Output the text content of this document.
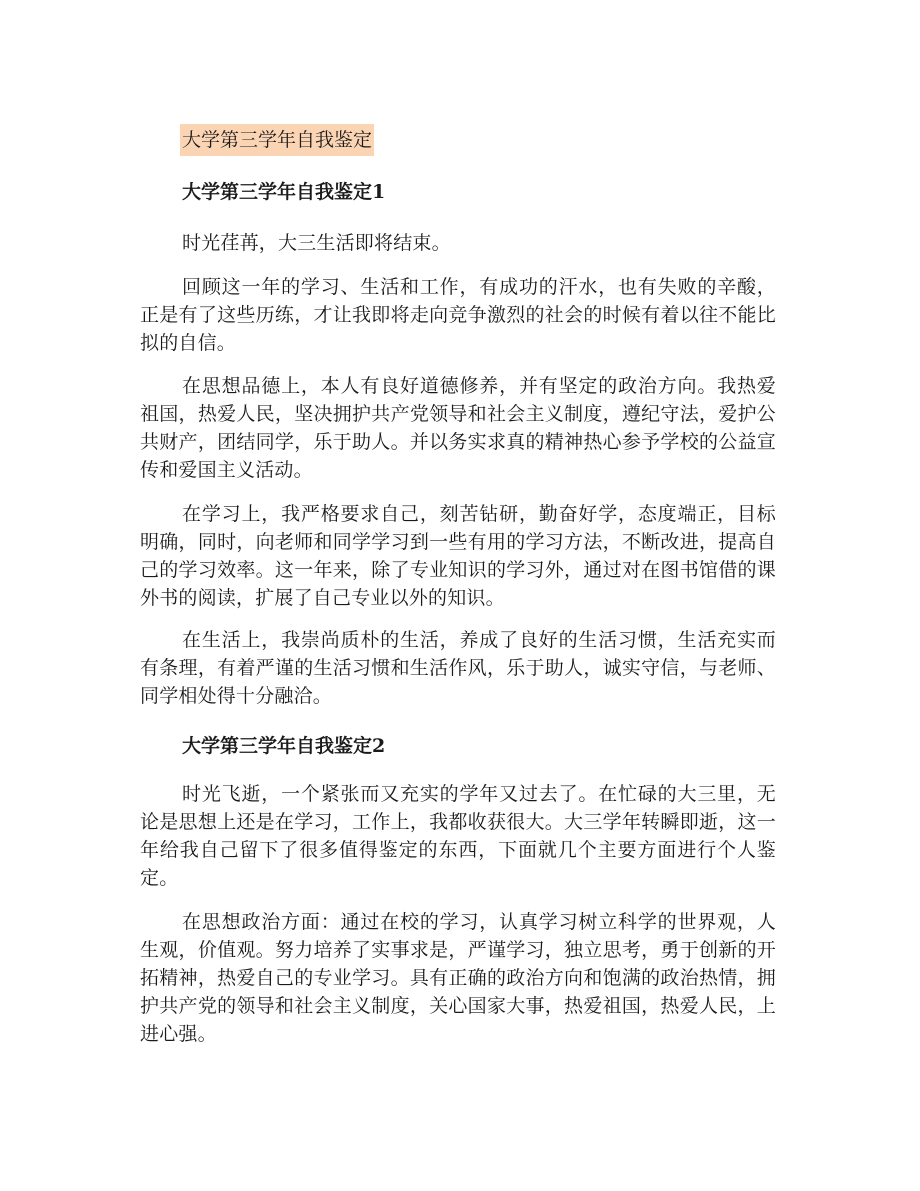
大学第三学年自我鉴定
大学第三学年自我鉴定1
时光荏苒，大三生活即将结束。
回顾这一年的学习、生活和工作，有成功的汗水，也有失败的辛酸，正是有了这些历练，才让我即将走向竞争激烈的社会的时候有着以往不能比拟的自信。
在思想品德上，本人有良好道德修养，并有坚定的政治方向。我热爱祖国，热爱人民，坚决拥护共产党领导和社会主义制度，遵纪守法，爱护公共财产，团结同学，乐于助人。并以务实求真的精神热心参予学校的公益宣传和爱国主义活动。
在学习上，我严格要求自己，刻苦钻研，勤奋好学，态度端正，目标明确，同时，向老师和同学学习到一些有用的学习方法，不断改进，提高自己的学习效率。这一年来，除了专业知识的学习外，通过对在图书馆借的课外书的阅读，扩展了自己专业以外的知识。
在生活上，我崇尚质朴的生活，养成了良好的生活习惯，生活充实而有条理，有着严谨的生活习惯和生活作风，乐于助人，诚实守信，与老师、同学相处得十分融洽。
大学第三学年自我鉴定2
时光飞逝，一个紧张而又充实的学年又过去了。在忙碌的大三里，无论是思想上还是在学习，工作上，我都收获很大。大三学年转瞬即逝，这一年给我自己留下了很多值得鉴定的东西，下面就几个主要方面进行个人鉴定。
在思想政治方面：通过在校的学习，认真学习树立科学的世界观，人生观，价值观。努力培养了实事求是，严谨学习，独立思考，勇于创新的开拓精神，热爱自己的专业学习。具有正确的政治方向和饱满的政治热情，拥护共产党的领导和社会主义制度，关心国家大事，热爱祖国，热爱人民，上进心强。
